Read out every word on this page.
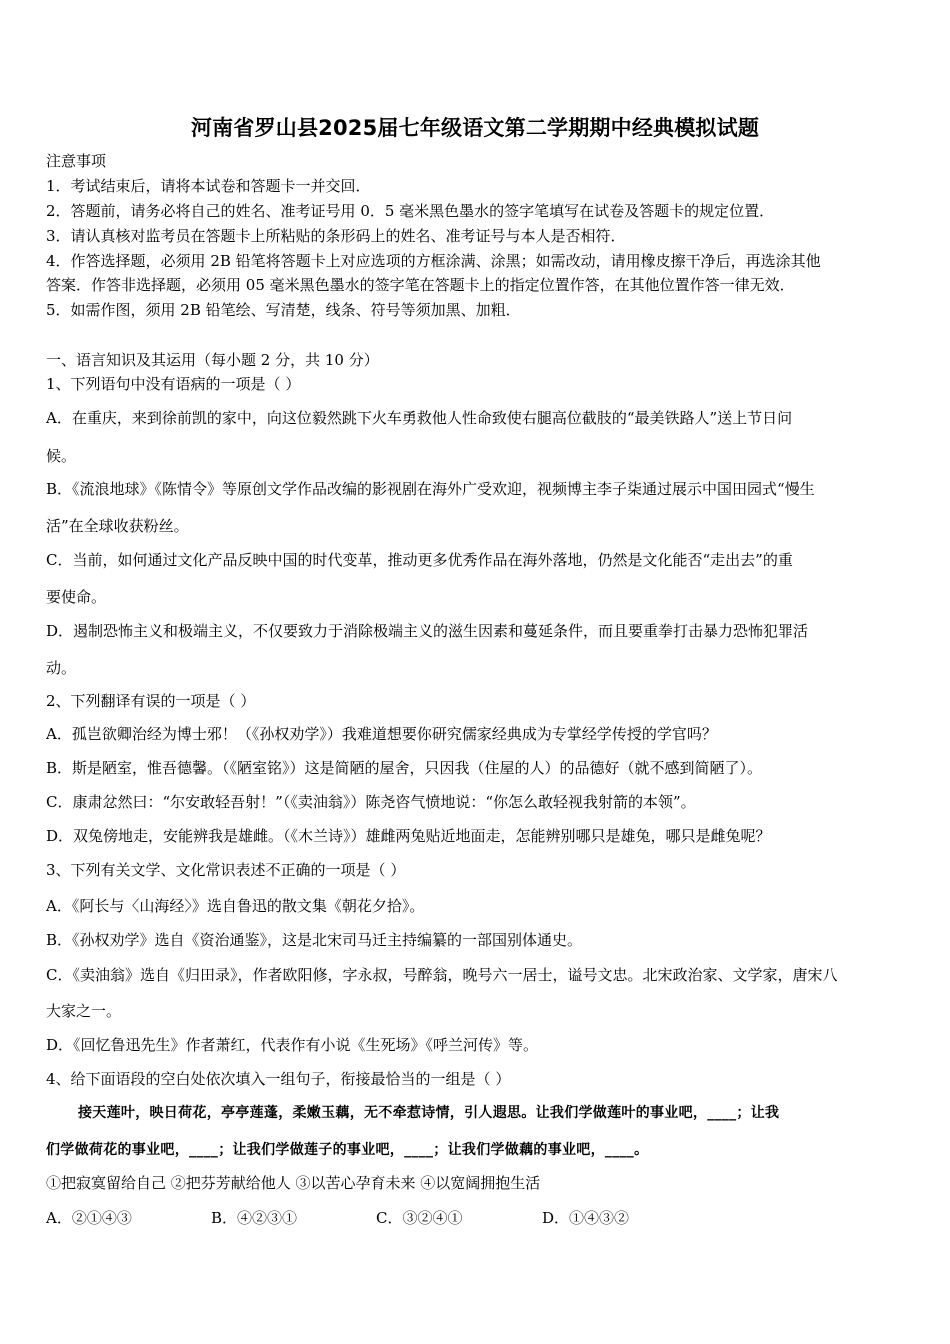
河南省罗山县2025届七年级语文第二学期期中经典模拟试题
注意事项
1．考试结束后，请将本试卷和答题卡一并交回．
2．答题前，请务必将自己的姓名、准考证号用 0．5 毫米黑色墨水的签字笔填写在试卷及答题卡的规定位置．
3．请认真核对监考员在答题卡上所粘贴的条形码上的姓名、准考证号与本人是否相符．
4．作答选择题，必须用 2B 铅笔将答题卡上对应选项的方框涂满、涂黑；如需改动，请用橡皮擦干净后，再选涂其他
答案．作答非选择题，必须用 05 毫米黑色墨水的签字笔在答题卡上的指定位置作答，在其他位置作答一律无效．
5．如需作图，须用 2B 铅笔绘、写清楚，线条、符号等须加黑、加粗．
一、语言知识及其运用（每小题 2 分，共 10 分）
1、下列语句中没有语病的一项是（ ）
A．在重庆，来到徐前凯的家中，向这位毅然跳下火车勇救他人性命致使右腿高位截肢的“最美铁路人”送上节日问
候。
B．《流浪地球》《陈情令》等原创文学作品改编的影视剧在海外广受欢迎，视频博主李子柒通过展示中国田园式“慢生
活”在全球收获粉丝。
C．当前，如何通过文化产品反映中国的时代变革，推动更多优秀作品在海外落地，仍然是文化能否“走出去”的重
要使命。
D．遏制恐怖主义和极端主义，不仅要致力于消除极端主义的滋生因素和蔓延条件，而且要重拳打击暴力恐怖犯罪活
动。
2、下列翻译有误的一项是（ ）
A．孤岂欲卿治经为博士邪！（《孙权劝学》）我难道想要你研究儒家经典成为专掌经学传授的学官吗？
B．斯是陋室，惟吾德馨。（《陋室铭》）这是简陋的屋舍，只因我（住屋的人）的品德好（就不感到简陋了）。
C．康肃忿然曰：“尔安敢轻吾射！”（《卖油翁》）陈尧咨气愤地说：“你怎么敢轻视我射箭的本领”。
D．双兔傍地走，安能辨我是雄雌。（《木兰诗》）雄雌两兔贴近地面走，怎能辨别哪只是雄兔，哪只是雌兔呢？
3、下列有关文学、文化常识表述不正确的一项是（ ）
A．《阿长与〈山海经〉》选自鲁迅的散文集《朝花夕拾》。
B．《孙权劝学》选自《资治通鉴》，这是北宋司马迁主持编纂的一部国别体通史。
C．《卖油翁》选自《归田录》，作者欧阳修，字永叔，号醉翁，晚号六一居士，谥号文忠。北宋政治家、文学家，唐宋八
大家之一。
D．《回忆鲁迅先生》作者萧红，代表作有小说《生死场》《呼兰河传》等。
4、给下面语段的空白处依次填入一组句子，衔接最恰当的一组是（ ）
接天莲叶，映日荷花，亭亭莲蓬，柔嫩玉藕，无不牵惹诗情，引人遐思。让我们学做莲叶的事业吧，____；让我
们学做荷花的事业吧，____；让我们学做莲子的事业吧，____；让我们学做藕的事业吧，____。
①把寂寞留给自己 ②把芬芳献给他人 ③以苦心孕育未来 ④以宽阔拥抱生活
A．②①④③	B．④②③①	C．③②④①	D．①④③②
